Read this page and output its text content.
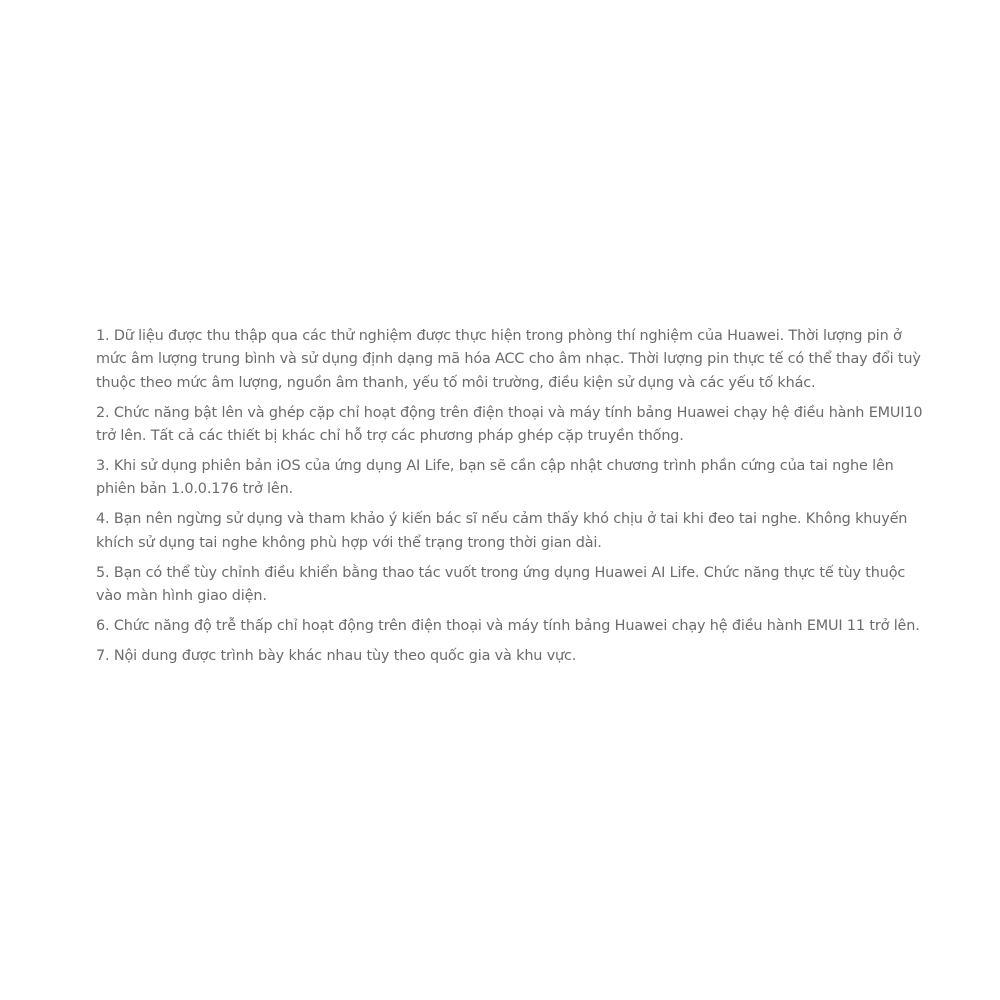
1. Dữ liệu được thu thập qua các thử nghiệm được thực hiện trong phòng thí nghiệm của Huawei. Thời lượng pin ở mức âm lượng trung bình và sử dụng định dạng mã hóa ACC cho âm nhạc. Thời lượng pin thực tế có thể thay đổi tuỳ thuộc theo mức âm lượng, nguồn âm thanh, yếu tố môi trường, điều kiện sử dụng và các yếu tố khác.

2. Chức năng bật lên và ghép cặp chỉ hoạt động trên điện thoại và máy tính bảng Huawei chạy hệ điều hành EMUI10 trở lên. Tất cả các thiết bị khác chỉ hỗ trợ các phương pháp ghép cặp truyền thống.

3. Khi sử dụng phiên bản iOS của ứng dụng AI Life, bạn sẽ cần cập nhật chương trình phần cứng của tai nghe lên phiên bản 1.0.0.176 trở lên.

4. Bạn nên ngừng sử dụng và tham khảo ý kiến bác sĩ nếu cảm thấy khó chịu ở tai khi đeo tai nghe. Không khuyến khích sử dụng tai nghe không phù hợp với thể trạng trong thời gian dài.

5. Bạn có thể tùy chỉnh điều khiển bằng thao tác vuốt trong ứng dụng Huawei AI Life. Chức năng thực tế tùy thuộc vào màn hình giao diện.

6. Chức năng độ trễ thấp chỉ hoạt động trên điện thoại và máy tính bảng Huawei chạy hệ điều hành EMUI 11 trở lên.

7. Nội dung được trình bày khác nhau tùy theo quốc gia và khu vực.
